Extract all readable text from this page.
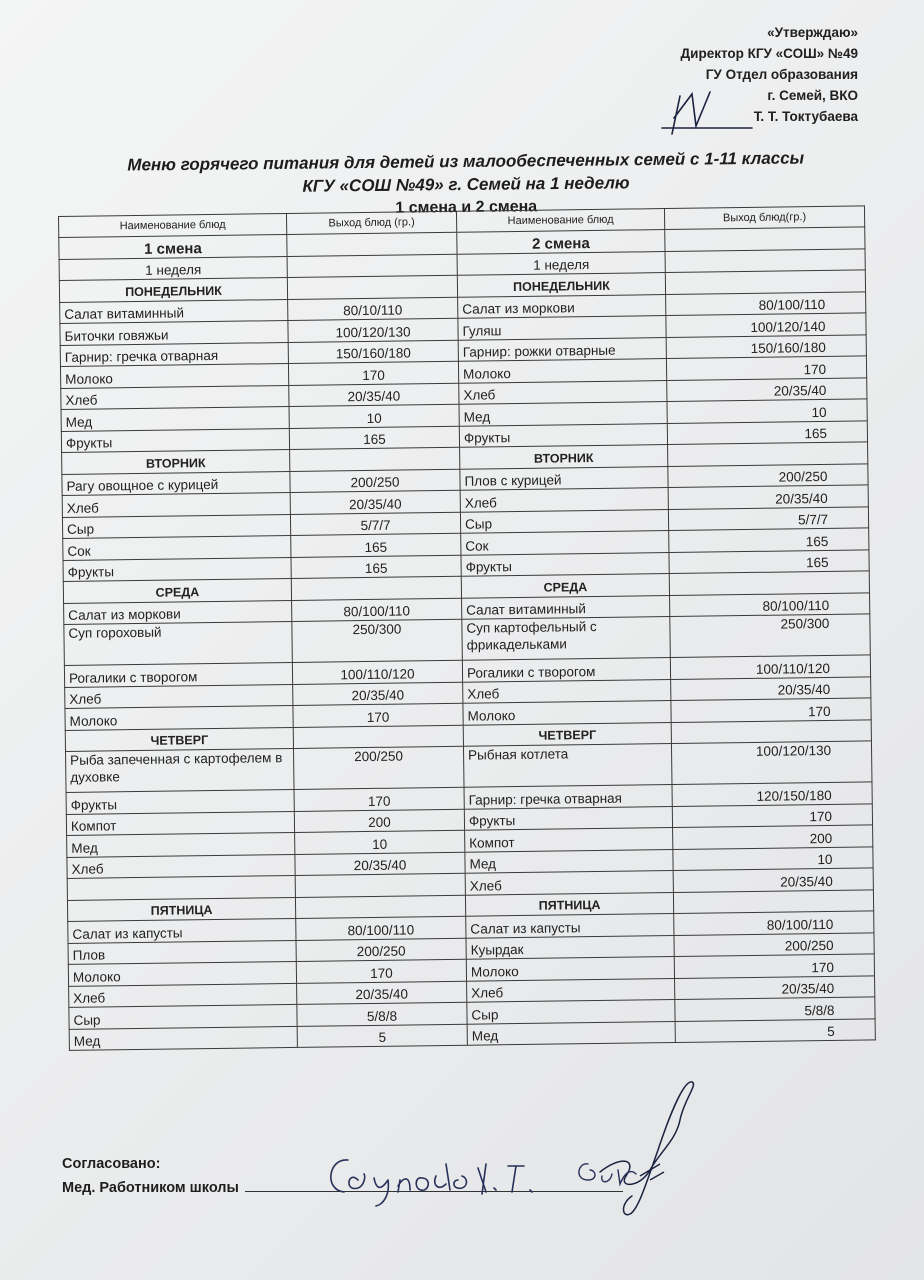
«Утверждаю»
Директор КГУ «СОШ» №49
ГУ Отдел образования
г. Семей, ВКО
Т. Т. Токтубаева
Меню горячего питания для детей из малообеспеченных семей с 1-11 классы
КГУ «СОШ №49» г. Семей на 1 неделю
1 смена и 2 смена
Наименование блюд	Выход блюд (гр.)	Наименование блюд	Выход блюд(гр.)
1 смена		2 смена	
1 неделя		1 неделя	
ПОНЕДЕЛЬНИК		ПОНЕДЕЛЬНИК	
Салат витаминный	80/10/110	Салат из моркови	80/100/110
Биточки говяжьи	100/120/130	Гуляш	100/120/140
Гарнир: гречка отварная	150/160/180	Гарнир: рожки отварные	150/160/180
Молоко	170	Молоко	170
Хлеб	20/35/40	Хлеб	20/35/40
Мед	10	Мед	10
Фрукты	165	Фрукты	165
ВТОРНИК		ВТОРНИК	
Рагу овощное с курицей	200/250	Плов с курицей	200/250
Хлеб	20/35/40	Хлеб	20/35/40
Сыр	5/7/7	Сыр	5/7/7
Сок	165	Сок	165
Фрукты	165	Фрукты	165
СРЕДА		СРЕДА	
Салат из моркови	80/100/110	Салат витаминный	80/100/110
Суп гороховый	250/300	Суп картофельный с фрикадельками	250/300
Рогалики с творогом	100/110/120	Рогалики с творогом	100/110/120
Хлеб	20/35/40	Хлеб	20/35/40
Молоко	170	Молоко	170
ЧЕТВЕРГ		ЧЕТВЕРГ	
Рыба запеченная с картофелем в духовке	200/250	Рыбная котлета	100/120/130
Фрукты	170	Гарнир: гречка отварная	120/150/180
Компот	200	Фрукты	170
Мед	10	Компот	200
Хлеб	20/35/40	Мед	10
		Хлеб	20/35/40
ПЯТНИЦА		ПЯТНИЦА	
Салат из капусты	80/100/110	Салат из капусты	80/100/110
Плов	200/250	Куырдак	200/250
Молоко	170	Молоко	170
Хлеб	20/35/40	Хлеб	20/35/40
Сыр	5/8/8	Сыр	5/8/8
Мед	5	Мед	5
Согласовано:
Мед. Работником школы
